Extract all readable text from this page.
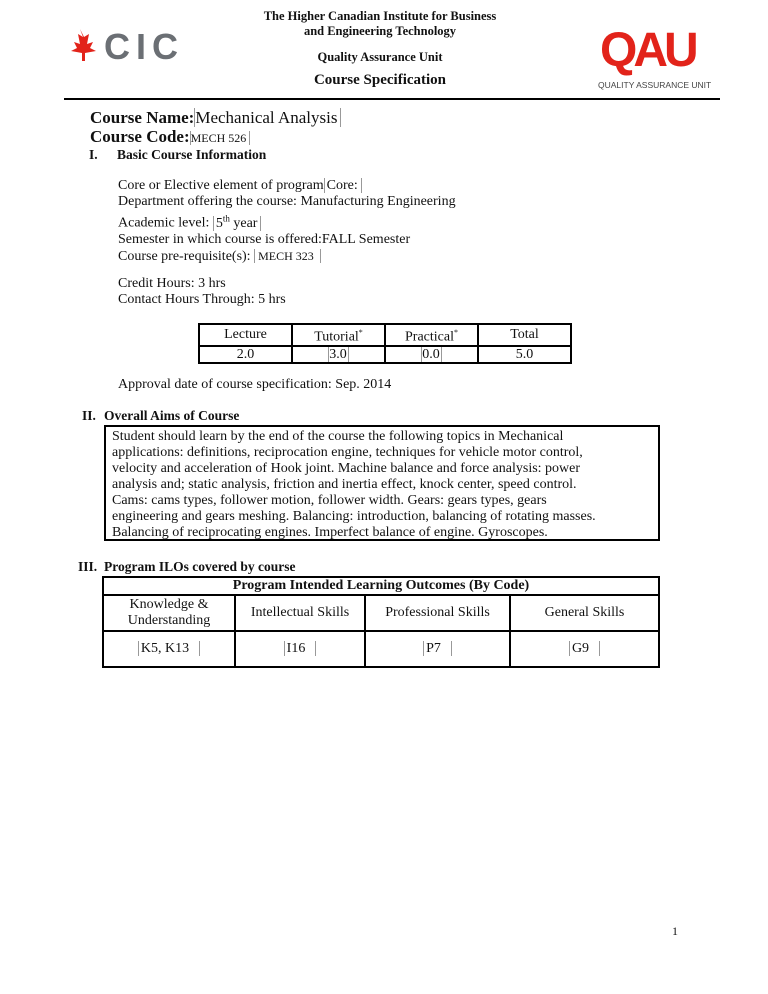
CIC
The Higher Canadian Institute for Business
and Engineering Technology
Quality Assurance Unit
Course Specification
QAU
QUALITY ASSURANCE UNIT
Course Name:Mechanical Analysis
Course Code:MECH 526
I. Basic Course Information
Core or Elective element of program Core:
Department offering the course: Manufacturing Engineering
Academic level: 5th year
Semester in which course is offered:FALL Semester
Course pre-requisite(s): MECH 323
Credit Hours: 3 hrs
Contact Hours Through: 5 hrs
Lecture	Tutorial*	Practical*	Total
2.0	3.0	0.0	5.0
Approval date of course specification: Sep. 2014
II. Overall Aims of Course
Student should learn by the end of the course the following topics in Mechanical
applications: definitions, reciprocation engine, techniques for vehicle motor control,
velocity and acceleration of Hook joint. Machine balance and force analysis: power
analysis and; static analysis, friction and inertia effect, knock center, speed control.
Cams: cams types, follower motion, follower width. Gears: gears types, gears
engineering and gears meshing. Balancing: introduction, balancing of rotating masses.
Balancing of reciprocating engines. Imperfect balance of engine. Gyroscopes.
III. Program ILOs covered by course
Program Intended Learning Outcomes (By Code)			
Knowledge & Understanding	Intellectual Skills	Professional Skills	General Skills
K5, K13	I16	P7	G9
1
